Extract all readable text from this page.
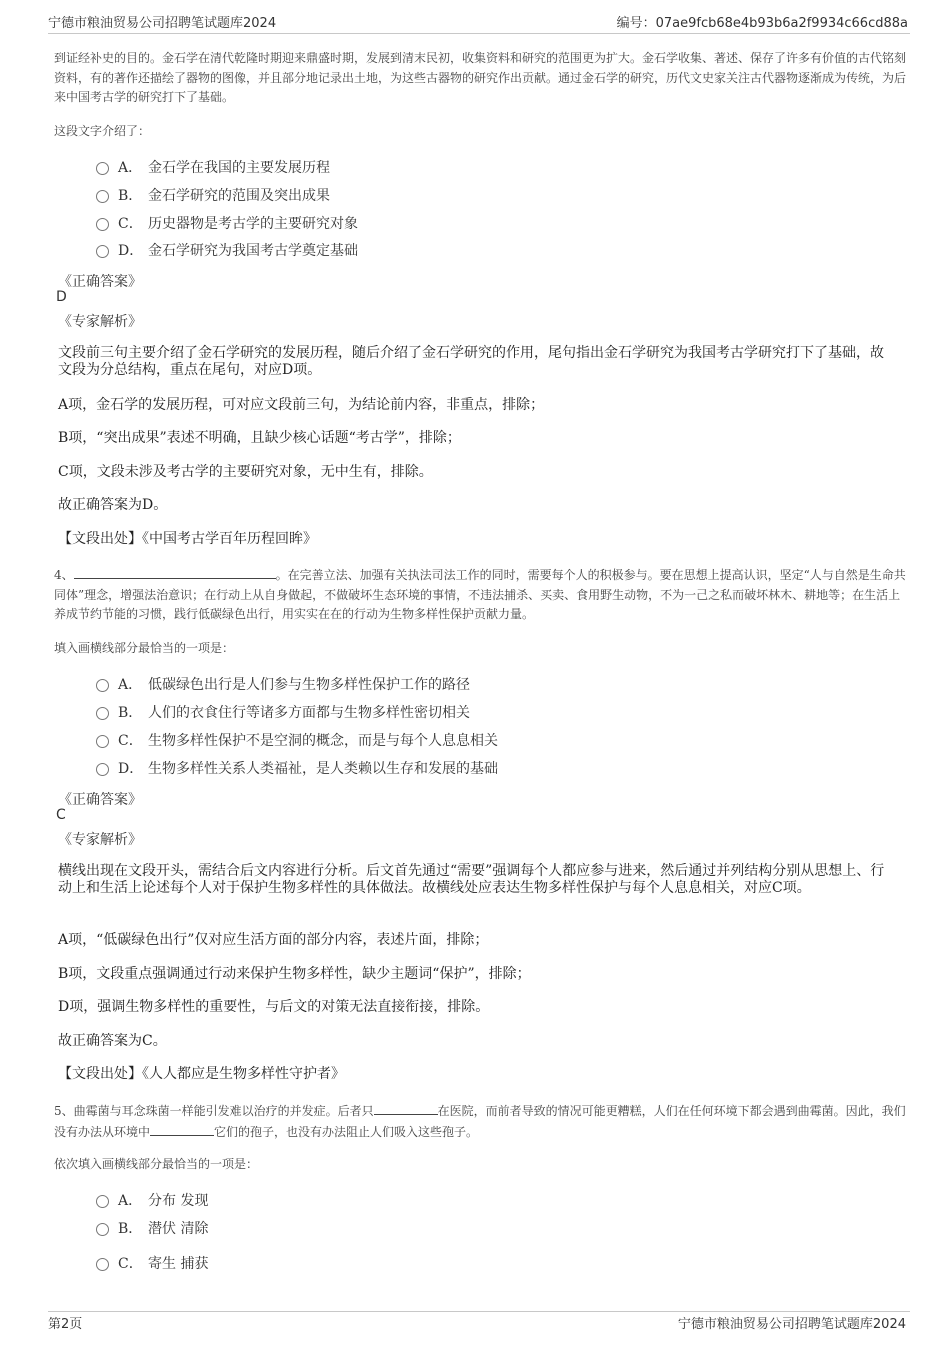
宁德市粮油贸易公司招聘笔试题库2024	编号：07ae9fcb68e4b93b6a2f9934c66cd88a
到证经补史的目的。金石学在清代乾隆时期迎来鼎盛时期，发展到清末民初，收集资料和研究的范围更为扩大。金石学收集、著述、保存了许多有价值的古代铭刻资料，有的著作还描绘了器物的图像，并且部分地记录出土地，为这些古器物的研究作出贡献。通过金石学的研究，历代文史家关注古代器物逐渐成为传统，为后来中国考古学的研究打下了基础。
这段文字介绍了：
A． 金石学在我国的主要发展历程
B． 金石学研究的范围及突出成果
C． 历史器物是考古学的主要研究对象
D． 金石学研究为我国考古学奠定基础
《正确答案》
D
《专家解析》
文段前三句主要介绍了金石学研究的发展历程，随后介绍了金石学研究的作用，尾句指出金石学研究为我国考古学研究打下了基础，故文段为分总结构，重点在尾句，对应D项。
A项，金石学的发展历程，可对应文段前三句，为结论前内容，非重点，排除；
B项，“突出成果”表述不明确，且缺少核心话题“考古学”，排除；
C项，文段未涉及考古学的主要研究对象，无中生有，排除。
故正确答案为D。
【文段出处】《中国考古学百年历程回眸》
4、	。在完善立法、加强有关执法司法工作的同时，需要每个人的积极参与。要在思想上提高认识，坚定“人与自然是生命共同体”理念，增强法治意识；在行动上从自身做起，不做破坏生态环境的事情，不违法捕杀、买卖、食用野生动物，不为一己之私而破坏林木、耕地等；在生活上养成节约节能的习惯，践行低碳绿色出行，用实实在在的行动为生物多样性保护贡献力量。
填入画横线部分最恰当的一项是：
A． 低碳绿色出行是人们参与生物多样性保护工作的路径
B． 人们的衣食住行等诸多方面都与生物多样性密切相关
C． 生物多样性保护不是空洞的概念，而是与每个人息息相关
D． 生物多样性关系人类福祉，是人类赖以生存和发展的基础
《正确答案》
C
《专家解析》
横线出现在文段开头，需结合后文内容进行分析。后文首先通过“需要”强调每个人都应参与进来，然后通过并列结构分别从思想上、行动上和生活上论述每个人对于保护生物多样性的具体做法。故横线处应表达生物多样性保护与每个人息息相关，对应C项。
A项，“低碳绿色出行”仅对应生活方面的部分内容，表述片面，排除；
B项，文段重点强调通过行动来保护生物多样性，缺少主题词“保护”，排除；
D项，强调生物多样性的重要性，与后文的对策无法直接衔接，排除。
故正确答案为C。
【文段出处】《人人都应是生物多样性守护者》
5、曲霉菌与耳念珠菌一样能引发难以治疗的并发症。后者只	在医院，而前者导致的情况可能更糟糕，人们在任何环境下都会遇到曲霉菌。因此，我们没有办法从环境中	它们的孢子，也没有办法阻止人们吸入这些孢子。
依次填入画横线部分最恰当的一项是：
A． 分布 发现
B． 潜伏 清除
C． 寄生 捕获
第2页	宁德市粮油贸易公司招聘笔试题库2024
